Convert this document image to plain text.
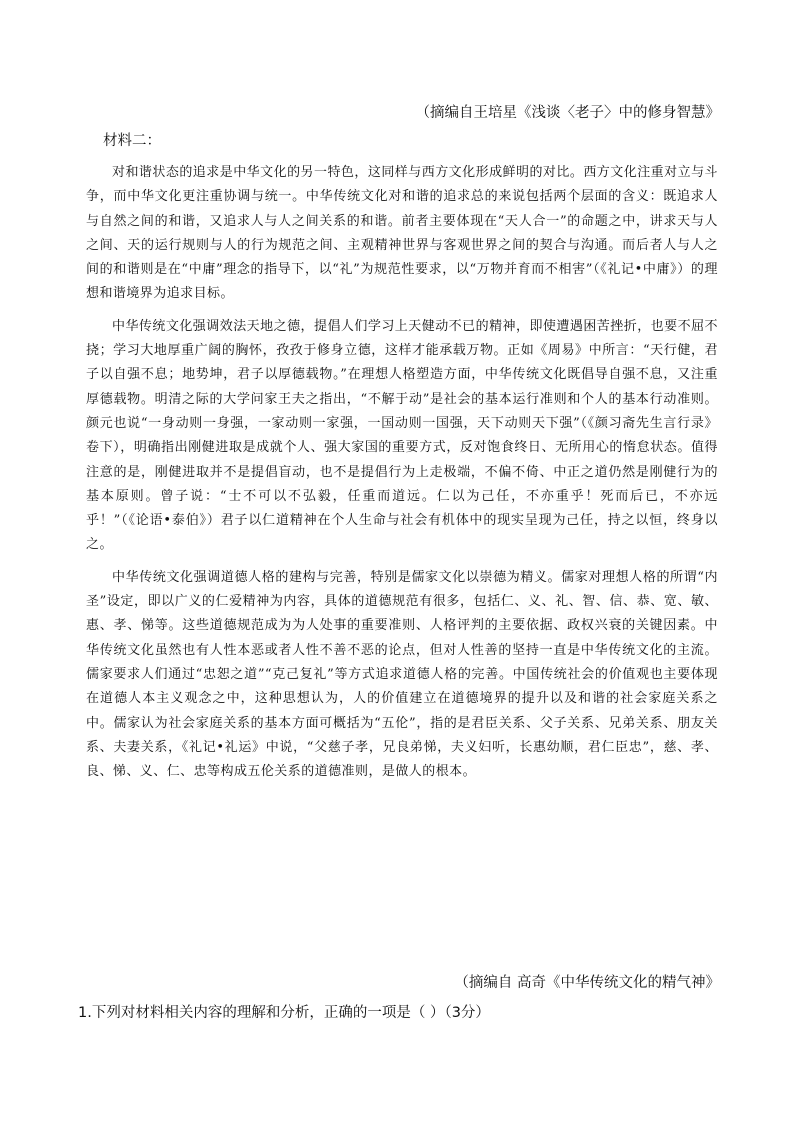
（摘编自王培星《浅谈〈老子〉中的修身智慧》
材料二：

对和谐状态的追求是中华文化的另一特色，这同样与西方文化形成鲜明的对比。西方文化注重对立与斗争，而中华文化更注重协调与统一。中华传统文化对和谐的追求总的来说包括两个层面的含义：既追求人与自然之间的和谐，又追求人与人之间关系的和谐。前者主要体现在“天人合一”的命题之中，讲求天与人之间、天的运行规则与人的行为规范之间、主观精神世界与客观世界之间的契合与沟通。而后者人与人之间的和谐则是在“中庸”理念的指导下，以“礼”为规范性要求，以“万物并育而不相害”（《礼记•中庸》）的理想和谐境界为追求目标。

中华传统文化强调效法天地之德，提倡人们学习上天健动不已的精神，即使遭遇困苦挫折，也要不屈不挠；学习大地厚重广阔的胸怀，孜孜于修身立德，这样才能承载万物。正如《周易》中所言：“天行健，君子以自强不息；地势坤，君子以厚德载物。”在理想人格塑造方面，中华传统文化既倡导自强不息，又注重厚德载物。明清之际的大学问家王夫之指出，“不解于动”是社会的基本运行准则和个人的基本行动准则。颜元也说“一身动则一身强，一家动则一家强，一国动则一国强，天下动则天下强”（《颜习斋先生言行录》卷下），明确指出刚健进取是成就个人、强大家国的重要方式，反对饱食终日、无所用心的惰怠状态。值得注意的是，刚健进取并不是提倡盲动，也不是提倡行为上走极端，不偏不倚、中正之道仍然是刚健行为的基本原则。曾子说：“士不可以不弘毅，任重而道远。仁以为己任，不亦重乎！死而后已，不亦远乎！”（《论语•泰伯》）君子以仁道精神在个人生命与社会有机体中的现实呈现为己任，持之以恒，终身以之。

中华传统文化强调道德人格的建构与完善，特别是儒家文化以崇德为精义。儒家对理想人格的所谓“内圣”设定，即以广义的仁爱精神为内容，具体的道德规范有很多，包括仁、义、礼、智、信、恭、宽、敏、惠、孝、悌等。这些道德规范成为为人处事的重要准则、人格评判的主要依据、政权兴衰的关键因素。中华传统文化虽然也有人性本恶或者人性不善不恶的论点，但对人性善的坚持一直是中华传统文化的主流。儒家要求人们通过“忠恕之道”“克己复礼”等方式追求道德人格的完善。中国传统社会的价值观也主要体现在道德人本主义观念之中，这种思想认为，人的价值建立在道德境界的提升以及和谐的社会家庭关系之中。儒家认为社会家庭关系的基本方面可概括为“五伦”，指的是君臣关系、父子关系、兄弟关系、朋友关系、夫妻关系，《礼记•礼运》中说，“父慈子孝，兄良弟悌，夫义妇听，长惠幼顺，君仁臣忠”，慈、孝、良、悌、义、仁、忠等构成五伦关系的道德准则，是做人的根本。

（摘编自 高奇《中华传统文化的精气神》
1.下列对材料相关内容的理解和分析，正确的一项是（ ）（3分）
